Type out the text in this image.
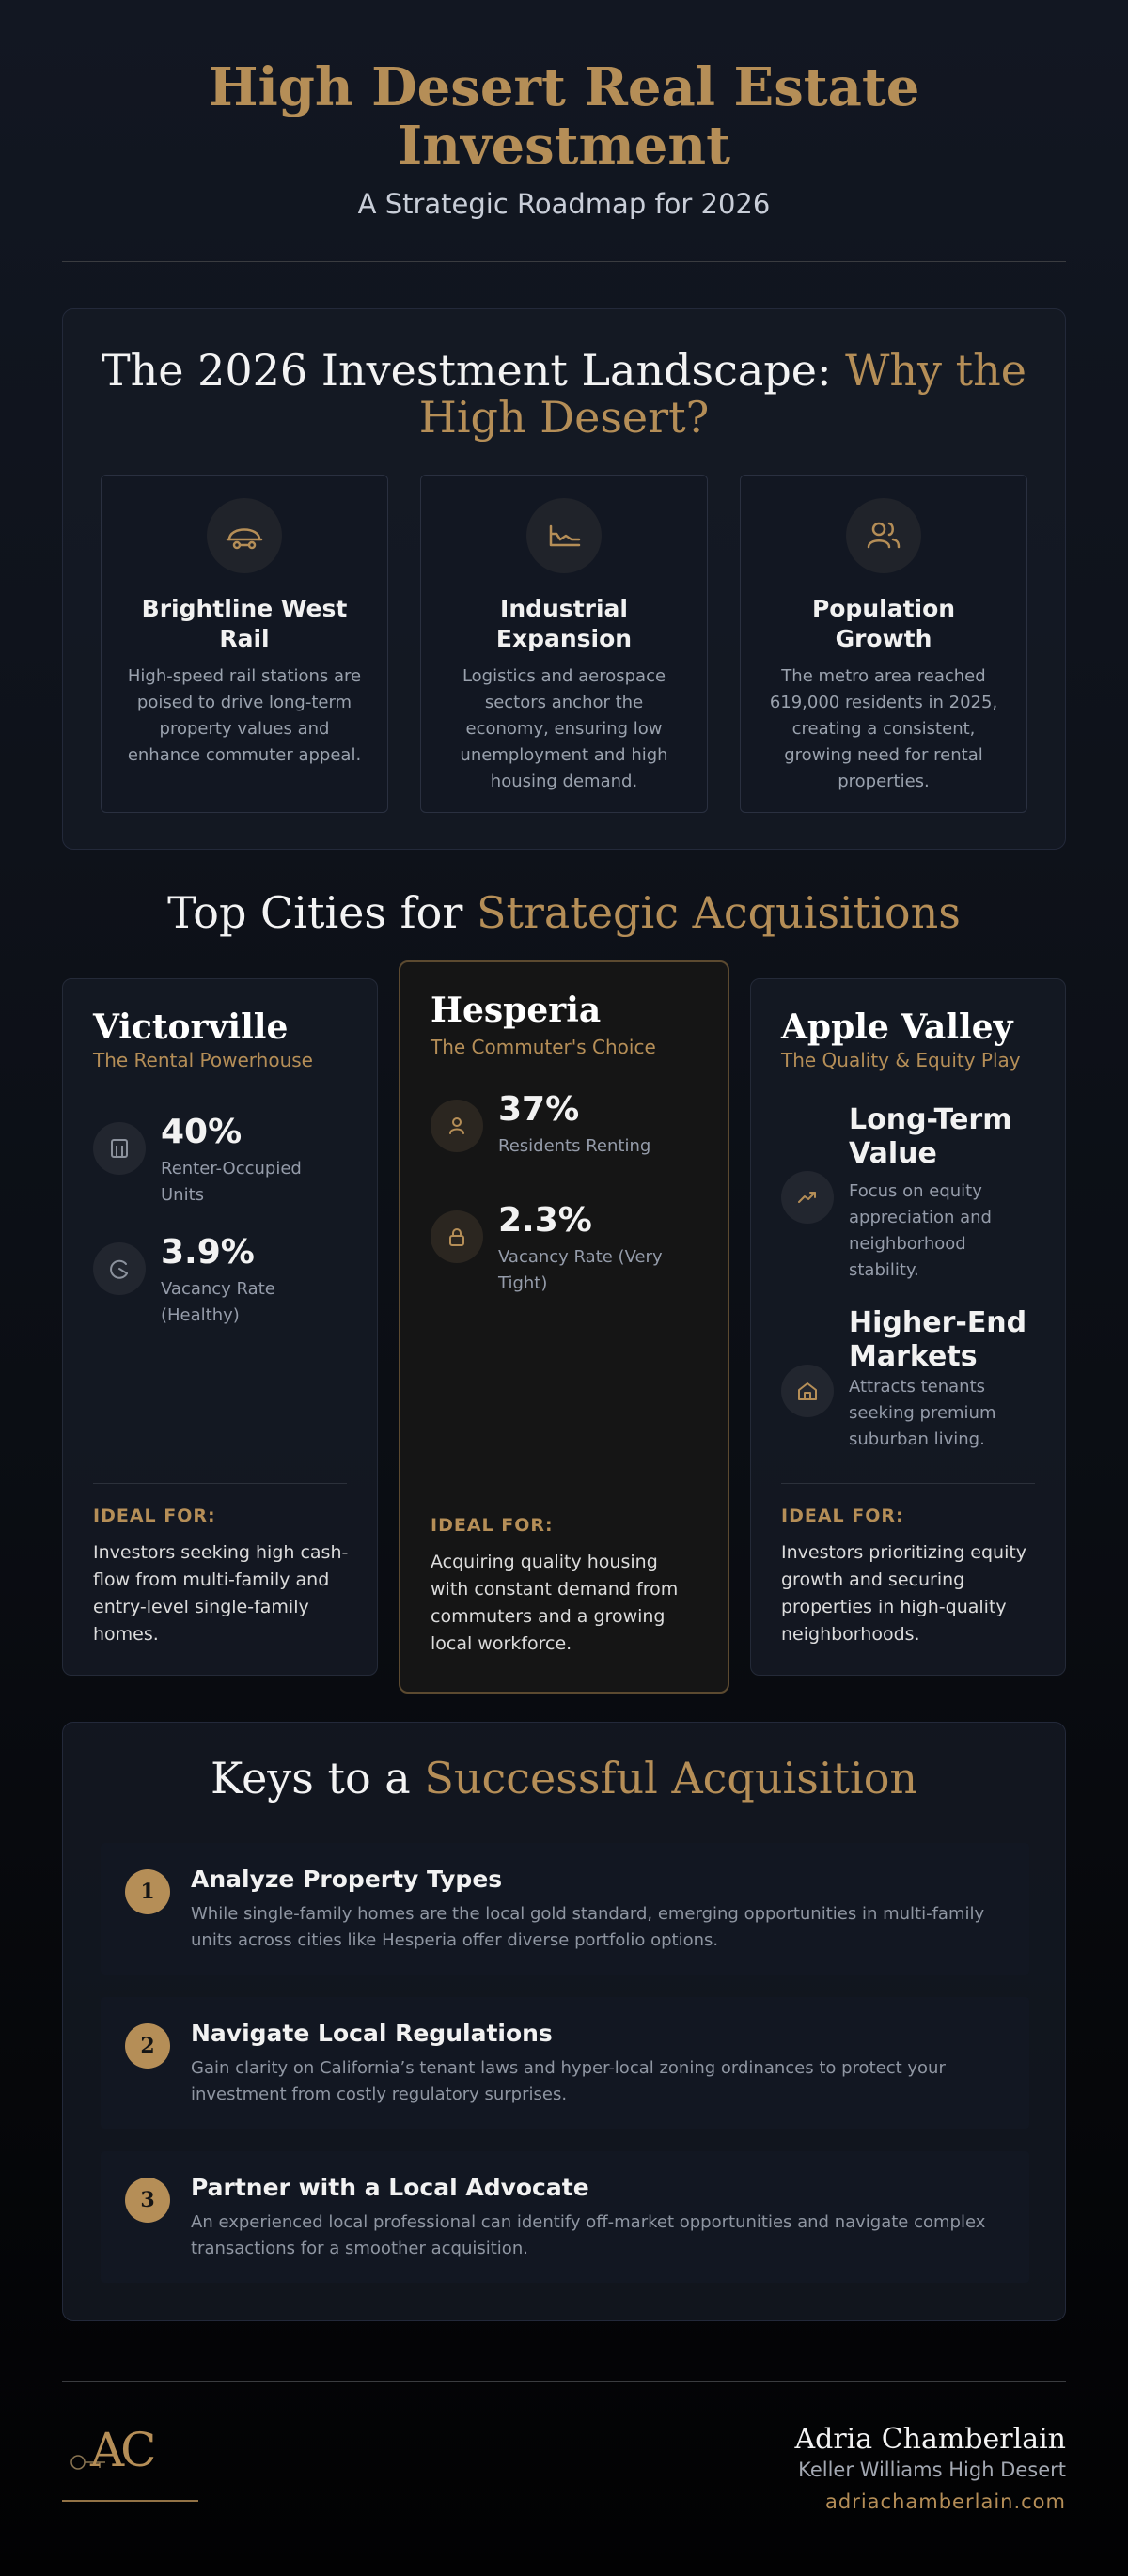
High Desert Real Estate
Investment
A Strategic Roadmap for 2026
The 2026 Investment Landscape: Why the
High Desert?
Brightline West Rail

High-speed rail stations are poised to drive long-term property values and enhance commuter appeal.

Industrial Expansion

Logistics and aerospace sectors anchor the economy, ensuring low unemployment and high housing demand.

Population Growth

The metro area reached 619,000 residents in 2025, creating a consistent, growing need for rental properties.

Top Cities for Strategic Acquisitions
Victorville
The Rental Powerhouse
40%
Renter-Occupied Units
3.9%
Vacancy Rate (Healthy)
IDEAL FOR:
Investors seeking high cash-flow from multi-family and entry-level single-family homes.
Hesperia
The Commuter's Choice
37%
Residents Renting
2.3%
Vacancy Rate (Very Tight)
IDEAL FOR:
Acquiring quality housing with constant demand from commuters and a growing local workforce.
Apple Valley
The Quality & Equity Play
Long-Term Value
Focus on equity appreciation and neighborhood stability.
Higher-End Markets
Attracts tenants seeking premium suburban living.
IDEAL FOR:
Investors prioritizing equity growth and securing properties in high-quality neighborhoods.
Keys to a Successful Acquisition
1	Analyze Property Types

While single-family homes are the local gold standard, emerging opportunities in multi-family units across cities like Hesperia offer diverse portfolio options.

2	Navigate Local Regulations

Gain clarity on California’s tenant laws and hyper-local zoning ordinances to protect your investment from costly regulatory surprises.

3	Partner with a Local Advocate

An experienced local professional can identify off-market opportunities and navigate complex transactions for a smoother acquisition.

AC	Adria Chamberlain
Keller Williams High Desert
adriachamberlain.com
